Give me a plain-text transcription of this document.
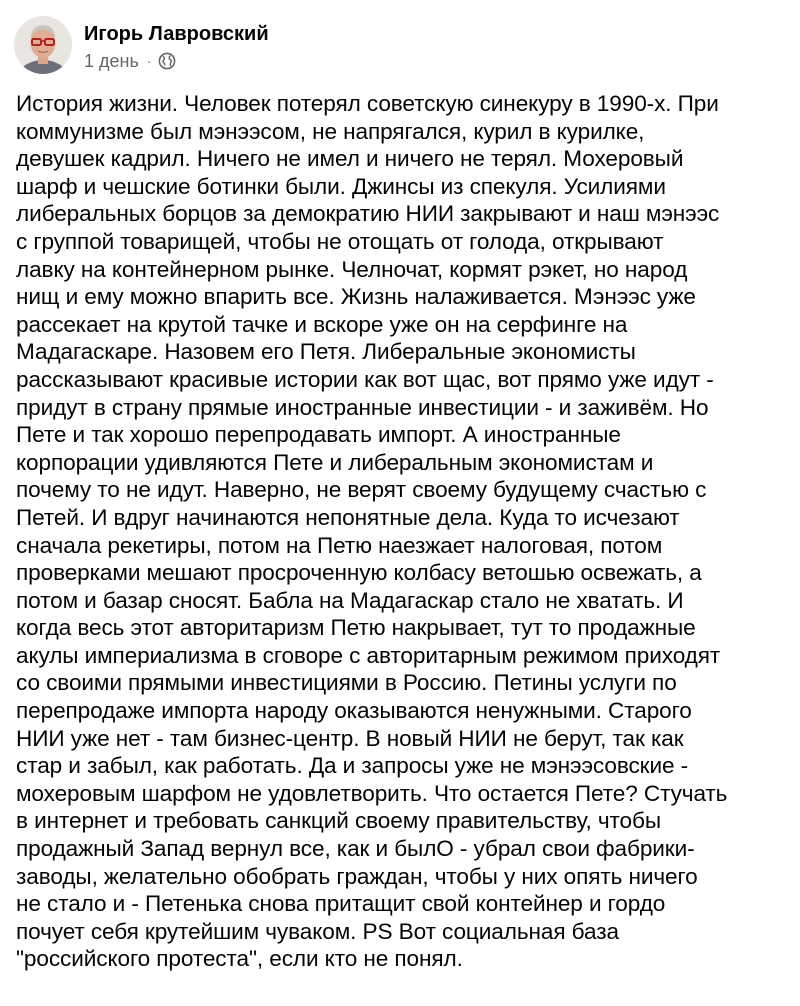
Игорь Лавровский
1 день ·
История жизни. Человек потерял советскую синекуру в 1990-х. При
коммунизме был мэнээсом, не напрягался, курил в курилке,
девушек кадрил. Ничего не имел и ничего не терял. Мохеровый
шарф и чешские ботинки были. Джинсы из спекуля. Усилиями
либеральных борцов за демократию НИИ закрывают и наш мэнээс
с группой товарищей, чтобы не отощать от голода, открывают
лавку на контейнерном рынке. Челночат, кормят рэкет, но народ
нищ и ему можно впарить все. Жизнь налаживается. Мэнээс уже
рассекает на крутой тачке и вскоре уже он на серфинге на
Мадагаскаре. Назовем его Петя. Либеральные экономисты
рассказывают красивые истории как вот щас, вот прямо уже идут -
придут в страну прямые иностранные инвестиции - и заживём. Но
Пете и так хорошо перепродавать импорт. А иностранные
корпорации удивляются Пете и либеральным экономистам и
почему то не идут. Наверно, не верят своему будущему счастью с
Петей. И вдруг начинаются непонятные дела. Куда то исчезают
сначала рекетиры, потом на Петю наезжает налоговая, потом
проверками мешают просроченную колбасу ветошью освежать, а
потом и базар сносят. Бабла на Мадагаскар стало не хватать. И
когда весь этот авторитаризм Петю накрывает, тут то продажные
акулы империализма в сговоре с авторитарным режимом приходят
со своими прямыми инвестициями в Россию. Петины услуги по
перепродаже импорта народу оказываются ненужными. Старого
НИИ уже нет - там бизнес-центр. В новый НИИ не берут, так как
стар и забыл, как работать. Да и запросы уже не мэнээсовские -
мохеровым шарфом не удовлетворить. Что остается Пете? Стучать
в интернет и требовать санкций своему правительству, чтобы
продажный Запад вернул все, как и былО - убрал свои фабрики-
заводы, желательно обобрать граждан, чтобы у них опять ничего
не стало и - Петенька снова притащит свой контейнер и гордо
почует себя крутейшим чуваком. PS Вот социальная база
"российского протеста", если кто не понял.
